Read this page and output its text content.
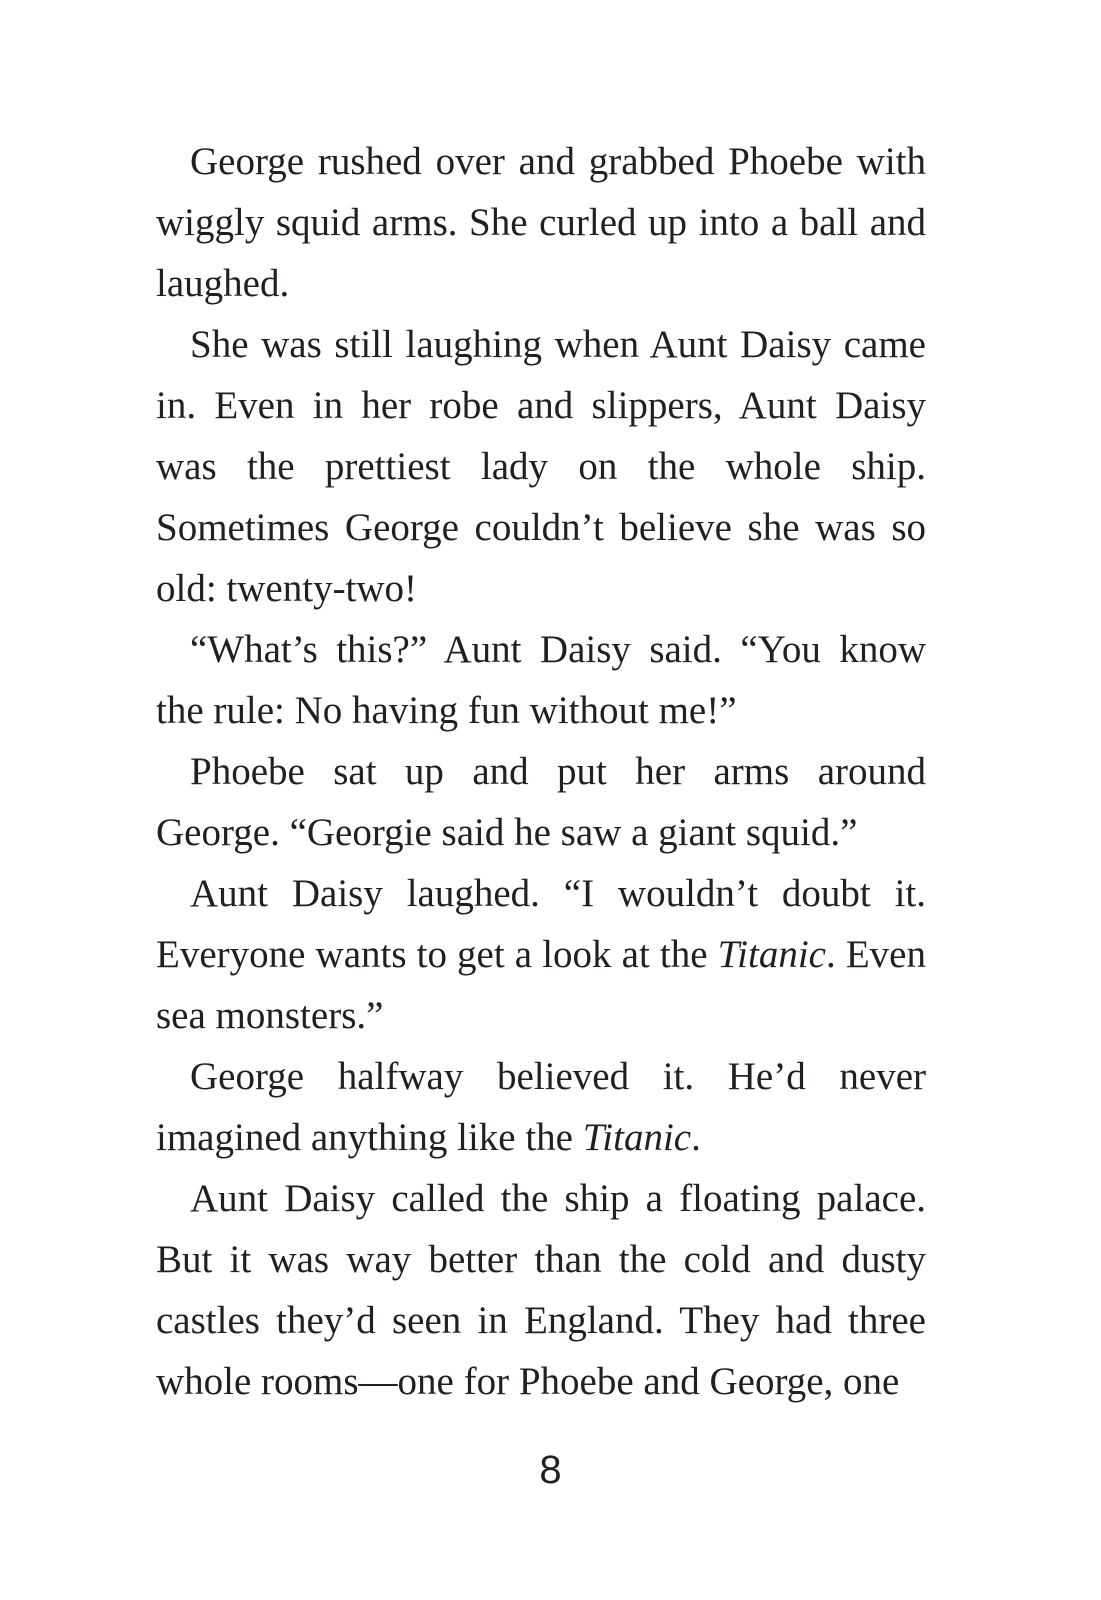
George rushed over and grabbed Phoebe with wiggly squid arms. She curled up into a ball and laughed.

She was still laughing when Aunt Daisy came in. Even in her robe and slippers, Aunt Daisy was the prettiest lady on the whole ship. Sometimes George couldn’t believe she was so old: twenty-two!

“What’s this?” Aunt Daisy said. “You know the rule: No having fun without me!”

Phoebe sat up and put her arms around George. “Georgie said he saw a giant squid.”

Aunt Daisy laughed. “I wouldn’t doubt it. Everyone wants to get a look at the Titanic. Even sea monsters.”

George halfway believed it. He’d never imagined anything like the Titanic.

Aunt Daisy called the ship a floating palace. But it was way better than the cold and dusty castles they’d seen in England. They had three whole rooms—one for Phoebe and George, one

8
